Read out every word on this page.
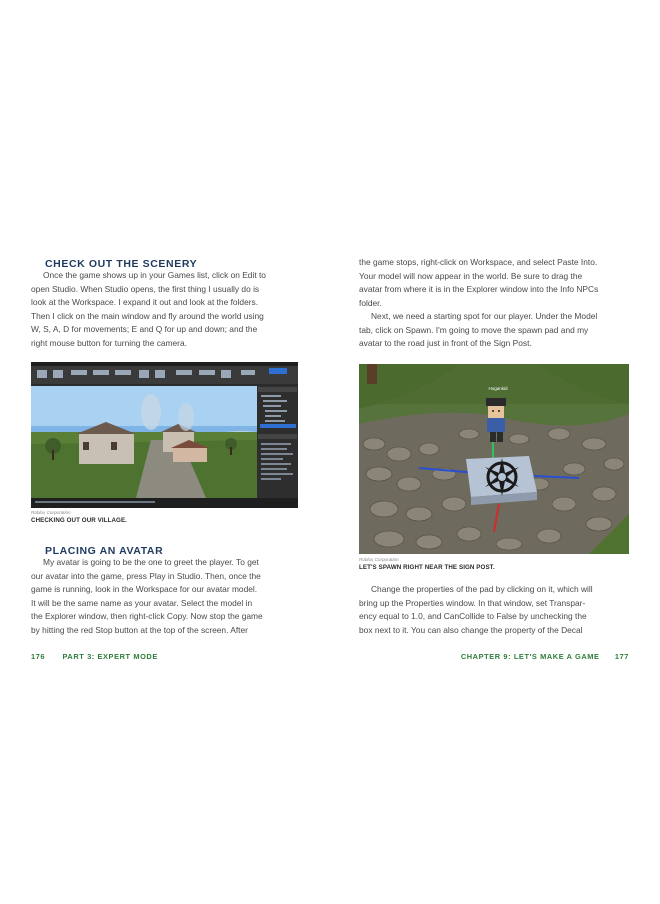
CHECK OUT THE SCENERY
Once the game shows up in your Games list, click on Edit to
open Studio. When Studio opens, the first thing I usually do is
look at the Workspace. I expand it out and look at the folders.
Then I click on the main window and fly around the world using
W, S, A, D for movements; E and Q for up and down; and the
right mouse button for turning the camera.
Roblox Corporation
CHECKING OUT OUR VILLAGE.
PLACING AN AVATAR
My avatar is going to be the one to greet the player. To get
our avatar into the game, press Play in Studio. Then, once the
game is running, look in the Workspace for our avatar model.
It will be the same name as your avatar. Select the model in
the Explorer window, then right-click Copy. Now stop the game
by hitting the red Stop button at the top of the screen. After
176 PART 3: EXPERT MODE
the game stops, right-click on Workspace, and select Paste Into.
Your model will now appear in the world. Be sure to drag the
avatar from where it is in the Explorer window into the Info NPCs
folder.
Next, we need a starting spot for our player. Under the Model
tab, click on Spawn. I'm going to move the spawn pad and my
avatar to the road just in front of the Sign Post.
Hogankid
Roblox Corporation
LET'S SPAWN RIGHT NEAR THE SIGN POST.
Change the properties of the pad by clicking on it, which will
bring up the Properties window. In that window, set Transpar-
ency equal to 1.0, and CanCollide to False by unchecking the
box next to it. You can also change the property of the Decal
CHAPTER 9: LET'S MAKE A GAME 177
